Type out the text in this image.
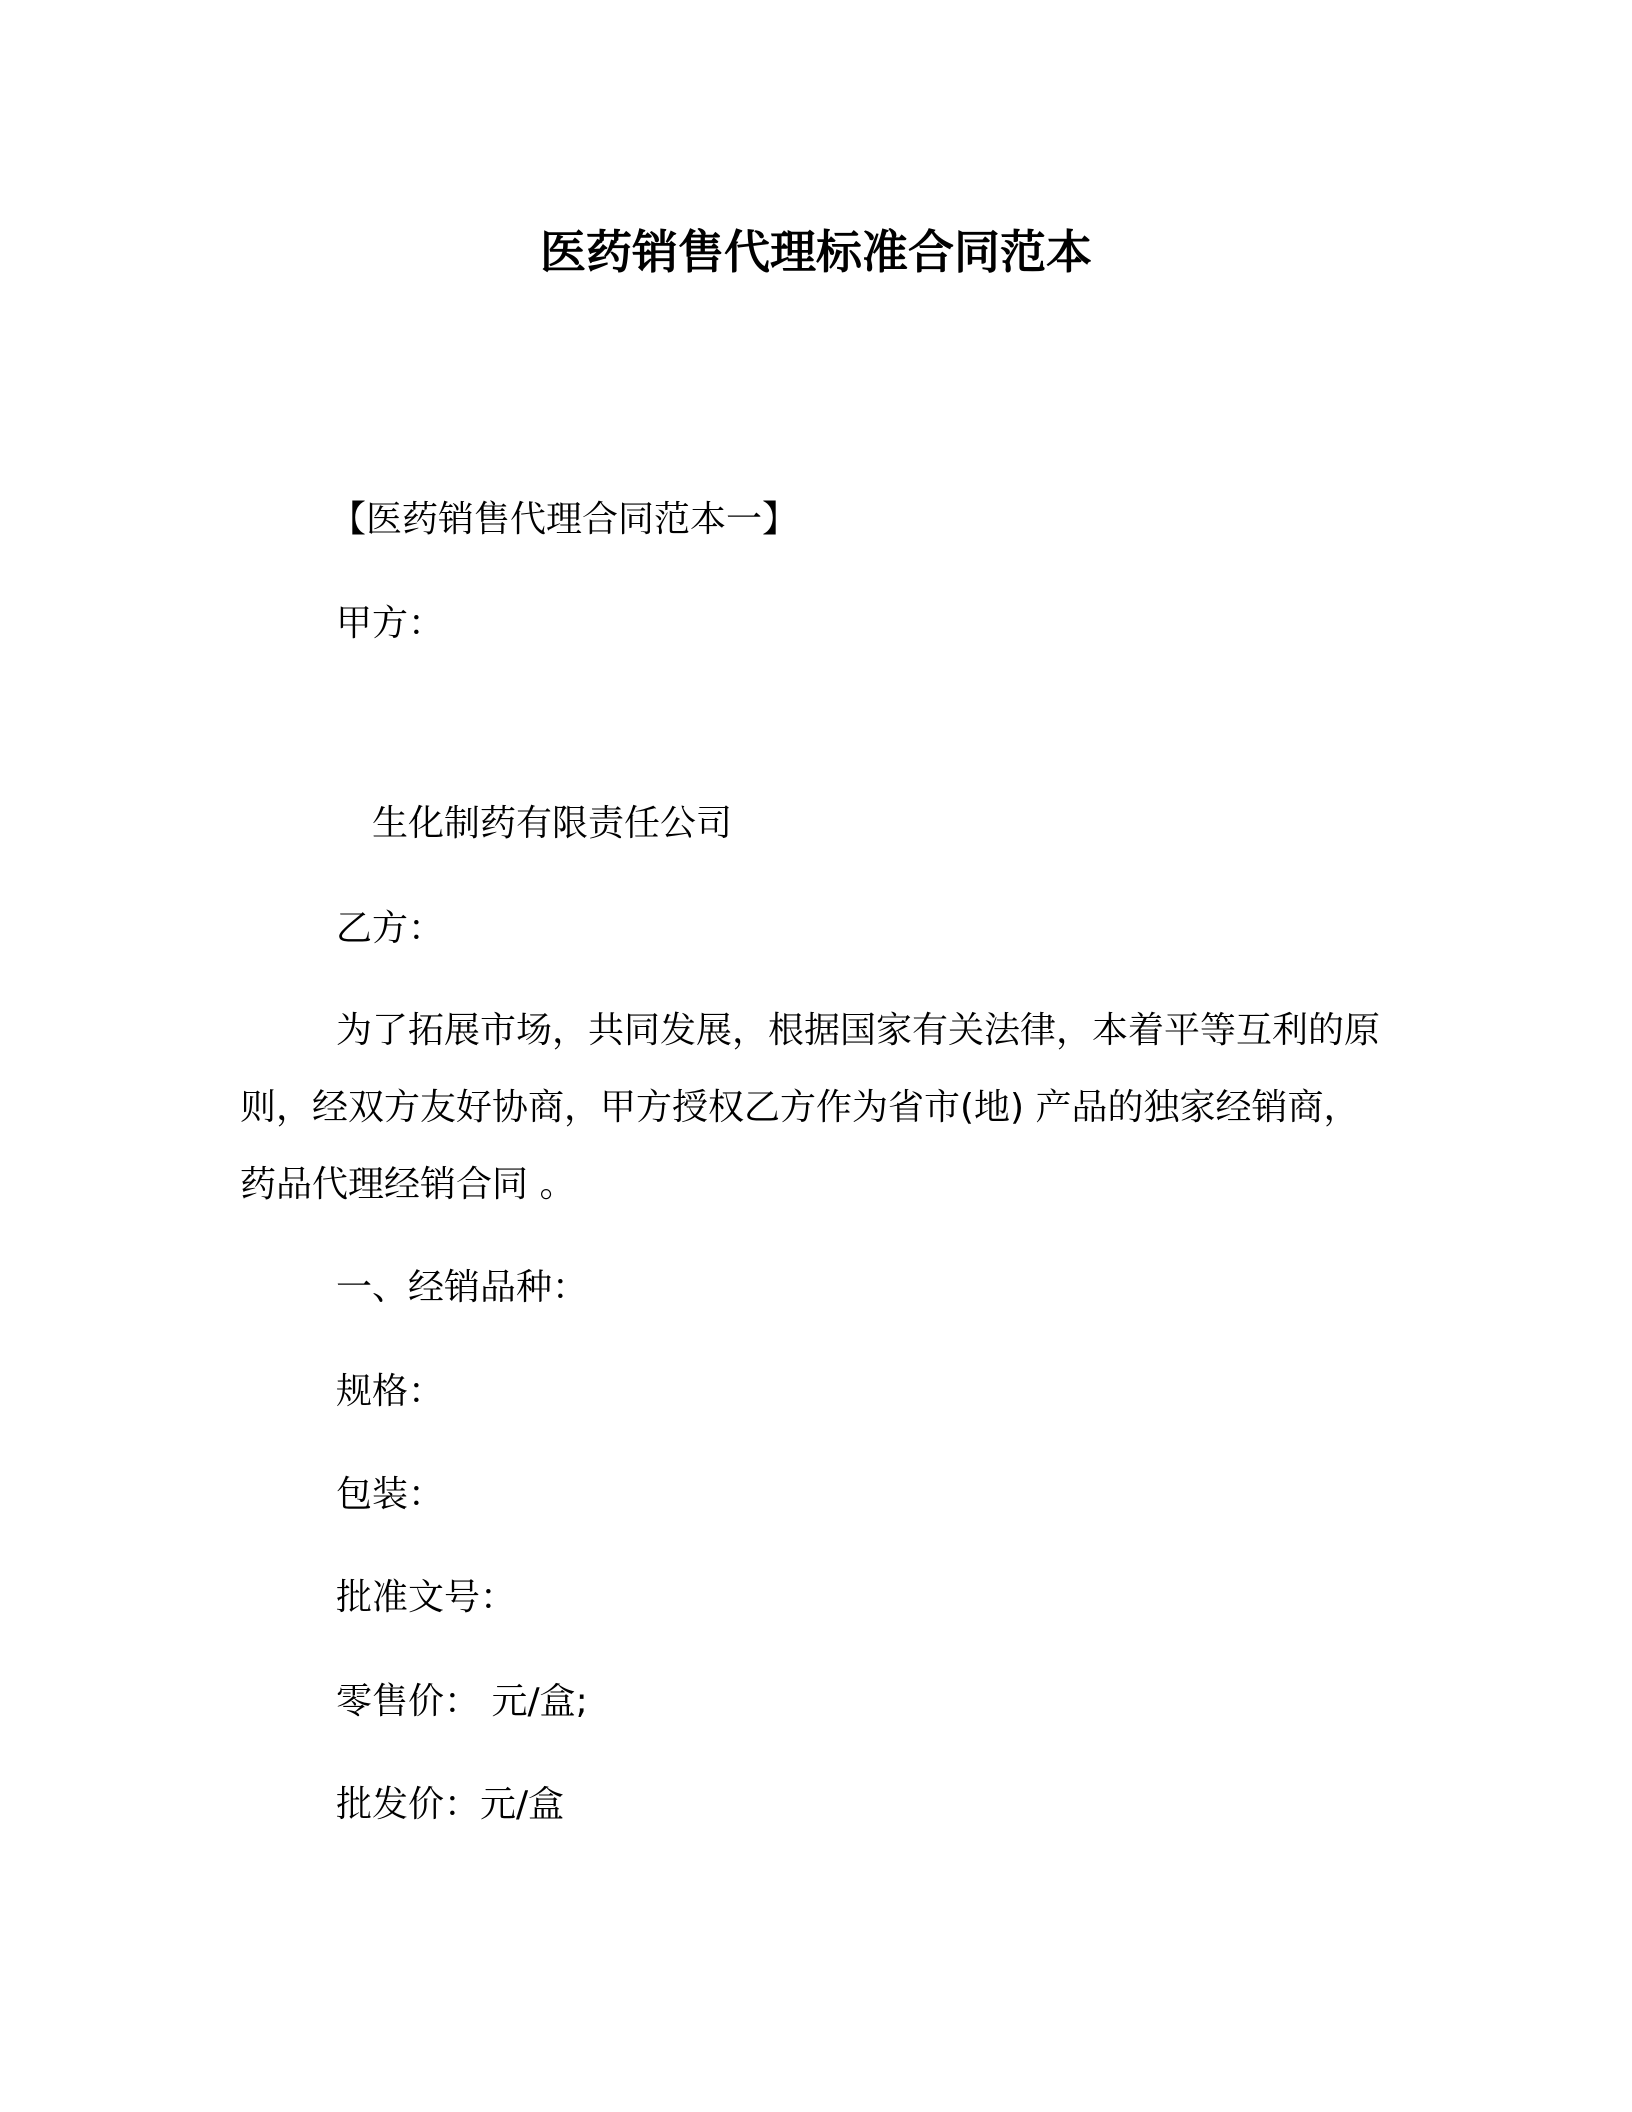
医药销售代理标准合同范本
【医药销售代理合同范本一】
甲方：
生化制药有限责任公司
乙方：
为了拓展市场，共同发展，根据国家有关法律，本着平等互利的原则，经双方友好协商，甲方授权乙方作为省市(地) 产品的独家经销商，药品代理经销合同 。
一、经销品种：
规格：
包装：
批准文号：
零售价： 元/盒;
批发价：元/盒
